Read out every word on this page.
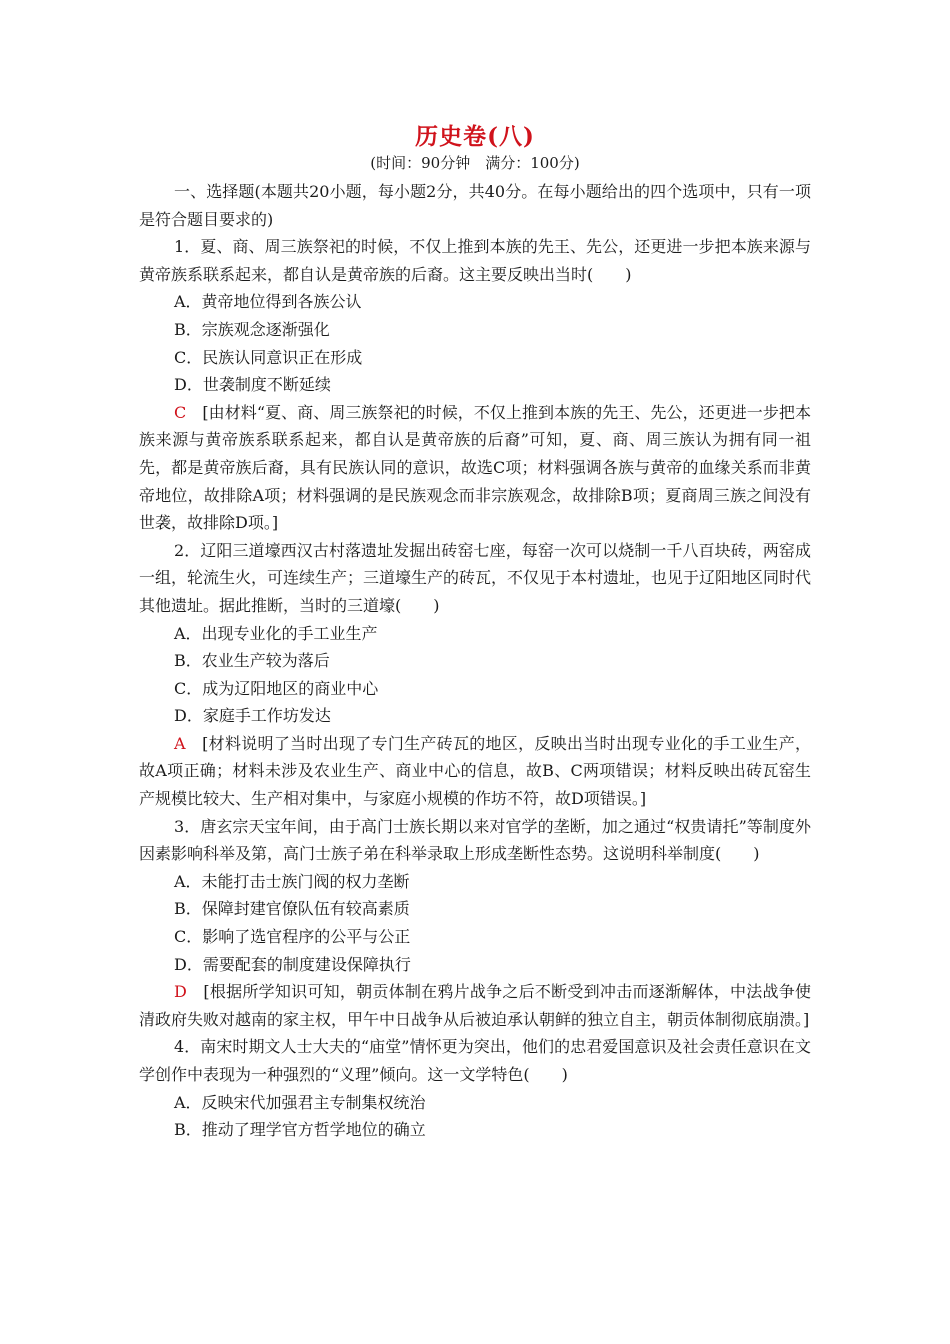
历史卷(八)
(时间：90分钟　满分：100分)

一、选择题(本题共20小题，每小题2分，共40分。在每小题给出的四个选项中，只有一项是符合题目要求的)

1．夏、商、周三族祭祀的时候，不仅上推到本族的先王、先公，还更进一步把本族来源与黄帝族系联系起来，都自认是黄帝族的后裔。这主要反映出当时(　　)

A．黄帝地位得到各族公认

B．宗族观念逐渐强化

C．民族认同意识正在形成

D．世袭制度不断延续

C　 [由材料“夏、商、周三族祭祀的时候，不仅上推到本族的先王、先公，还更进一步把本族来源与黄帝族系联系起来，都自认是黄帝族的后裔”可知，夏、商、周三族认为拥有同一祖先，都是黄帝族后裔，具有民族认同的意识，故选C项；材料强调各族与黄帝的血缘关系而非黄帝地位，故排除A项；材料强调的是民族观念而非宗族观念，故排除B项；夏商周三族之间没有世袭，故排除D项。]

2．辽阳三道壕西汉古村落遗址发掘出砖窑七座，每窑一次可以烧制一千八百块砖，两窑成一组，轮流生火，可连续生产；三道壕生产的砖瓦，不仅见于本村遗址，也见于辽阳地区同时代其他遗址。据此推断，当时的三道壕(　　)

A．出现专业化的手工业生产

B．农业生产较为落后

C．成为辽阳地区的商业中心

D．家庭手工作坊发达

A　 [材料说明了当时出现了专门生产砖瓦的地区，反映出当时出现专业化的手工业生产，故A项正确；材料未涉及农业生产、商业中心的信息，故B、C两项错误；材料反映出砖瓦窑生产规模比较大、生产相对集中，与家庭小规模的作坊不符，故D项错误。]

3．唐玄宗天宝年间，由于高门士族长期以来对官学的垄断，加之通过“权贵请托”等制度外因素影响科举及第，高门士族子弟在科举录取上形成垄断性态势。这说明科举制度(　　)

A．未能打击士族门阀的权力垄断

B．保障封建官僚队伍有较高素质

C．影响了选官程序的公平与公正

D．需要配套的制度建设保障执行

D　 [根据所学知识可知，朝贡体制在鸦片战争之后不断受到冲击而逐渐解体，中法战争使清政府失败对越南的家主权，甲午中日战争从后被迫承认朝鲜的独立自主，朝贡体制彻底崩溃。]

4．南宋时期文人士大夫的“庙堂”情怀更为突出，他们的忠君爱国意识及社会责任意识在文学创作中表现为一种强烈的“义理”倾向。这一文学特色(　　)

A．反映宋代加强君主专制集权统治

B．推动了理学官方哲学地位的确立
